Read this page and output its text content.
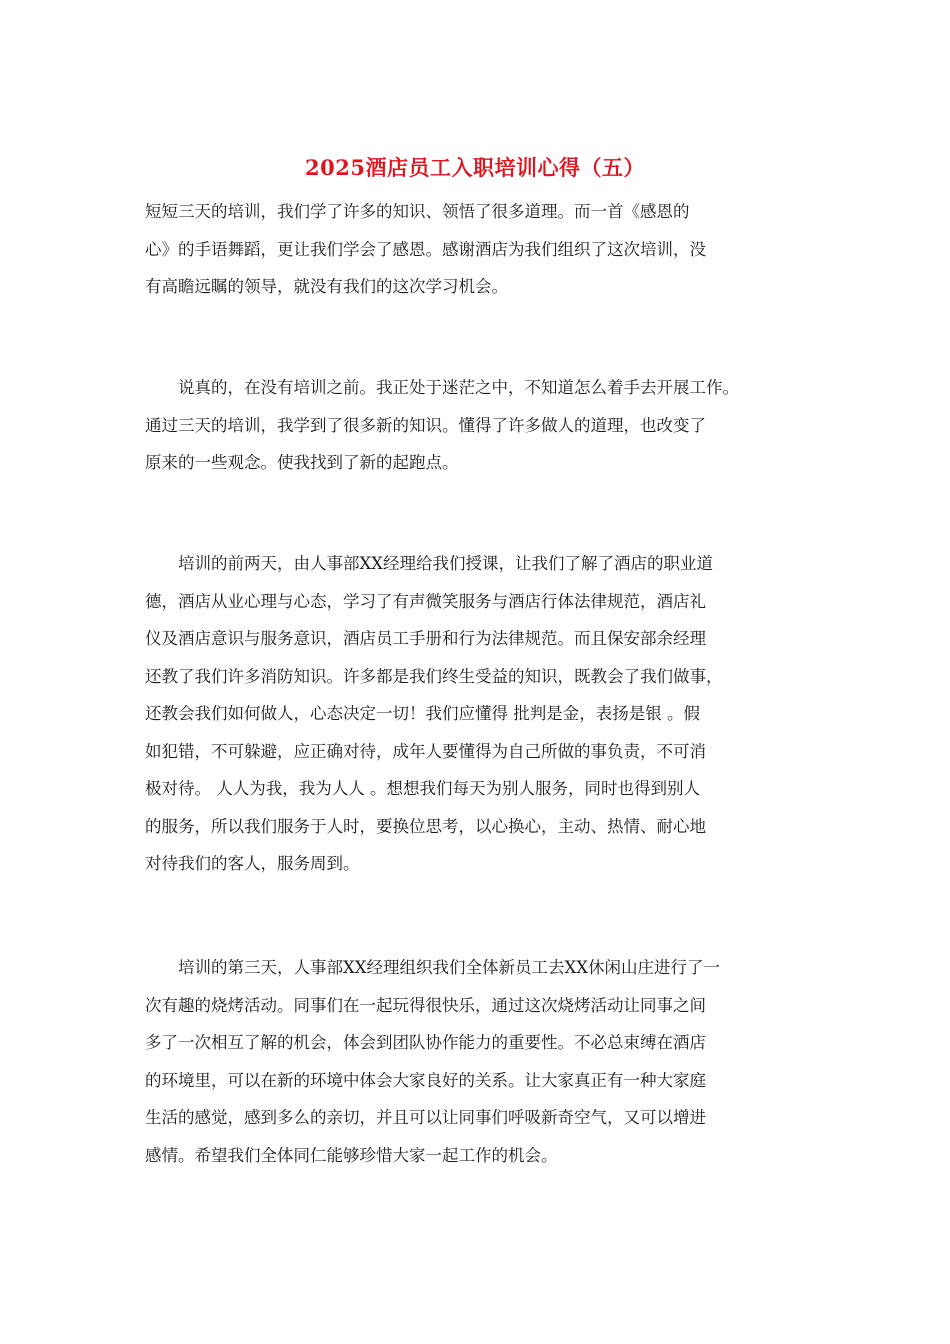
2025酒店员工入职培训心得（五）
短短三天的培训，我们学了许多的知识、领悟了很多道理。而一首《感恩的
心》的手语舞蹈，更让我们学会了感恩。感谢酒店为我们组织了这次培训，没
有高瞻远瞩的领导，就没有我们的这次学习机会。
　　说真的，在没有培训之前。我正处于迷茫之中，不知道怎么着手去开展工作。
通过三天的培训，我学到了很多新的知识。懂得了许多做人的道理，也改变了
原来的一些观念。使我找到了新的起跑点。
　　培训的前两天，由人事部XX经理给我们授课，让我们了解了酒店的职业道
德，酒店从业心理与心态，学习了有声微笑服务与酒店行体法律规范，酒店礼
仪及酒店意识与服务意识，酒店员工手册和行为法律规范。而且保安部余经理
还教了我们许多消防知识。许多都是我们终生受益的知识，既教会了我们做事，
还教会我们如何做人，心态决定一切！我们应懂得 批判是金，表扬是银 。假
如犯错，不可躲避，应正确对待，成年人要懂得为自己所做的事负责，不可消
极对待。 人人为我，我为人人 。想想我们每天为别人服务，同时也得到别人
的服务，所以我们服务于人时，要换位思考，以心换心，主动、热情、耐心地
对待我们的客人，服务周到。
　　培训的第三天，人事部XX经理组织我们全体新员工去XX休闲山庄进行了一
次有趣的烧烤活动。同事们在一起玩得很快乐，通过这次烧烤活动让同事之间
多了一次相互了解的机会，体会到团队协作能力的重要性。不必总束缚在酒店
的环境里，可以在新的环境中体会大家良好的关系。让大家真正有一种大家庭
生活的感觉，感到多么的亲切，并且可以让同事们呼吸新奇空气，又可以增进
感情。希望我们全体同仁能够珍惜大家一起工作的机会。
